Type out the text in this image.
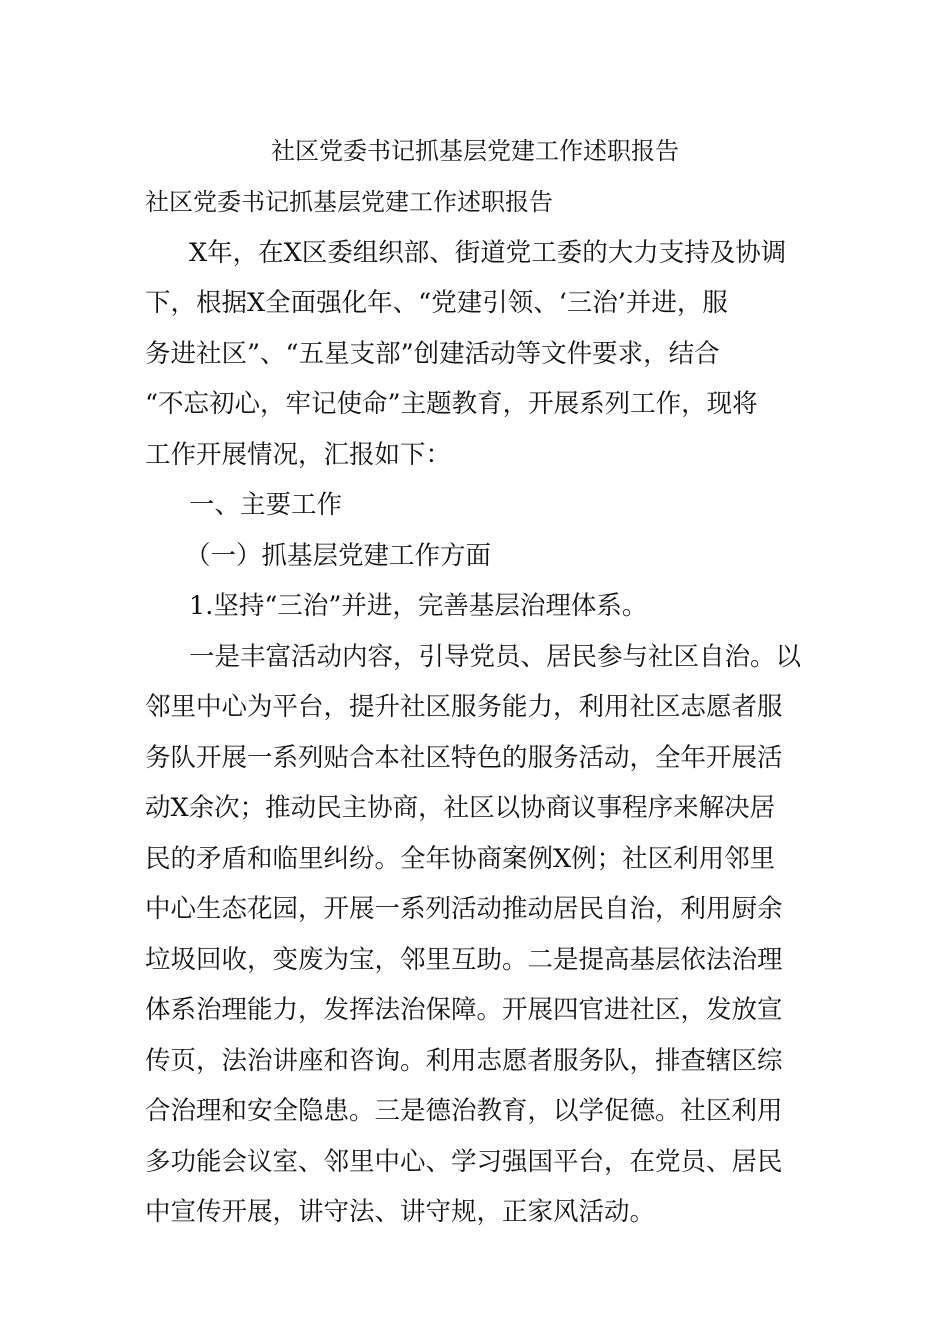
社区党委书记抓基层党建工作述职报告
社区党委书记抓基层党建工作述职报告
X年，在X区委组织部、街道党工委的大力支持及协调
下，根据X全面强化年、“党建引领、‘三治’并进，服
务进社区”、“五星支部”创建活动等文件要求，结合
“不忘初心，牢记使命”主题教育，开展系列工作，现将
工作开展情况，汇报如下：
一、主要工作
（一）抓基层党建工作方面
1.坚持“三治”并进，完善基层治理体系。
一是丰富活动内容，引导党员、居民参与社区自治。以
邻里中心为平台，提升社区服务能力，利用社区志愿者服
务队开展一系列贴合本社区特色的服务活动，全年开展活
动X余次；推动民主协商，社区以协商议事程序来解决居
民的矛盾和临里纠纷。全年协商案例X例；社区利用邻里
中心生态花园，开展一系列活动推动居民自治，利用厨余
垃圾回收，变废为宝，邻里互助。二是提高基层依法治理
体系治理能力，发挥法治保障。开展四官进社区，发放宣
传页，法治讲座和咨询。利用志愿者服务队，排查辖区综
合治理和安全隐患。三是德治教育，以学促德。社区利用
多功能会议室、邻里中心、学习强国平台，在党员、居民
中宣传开展，讲守法、讲守规，正家风活动。
